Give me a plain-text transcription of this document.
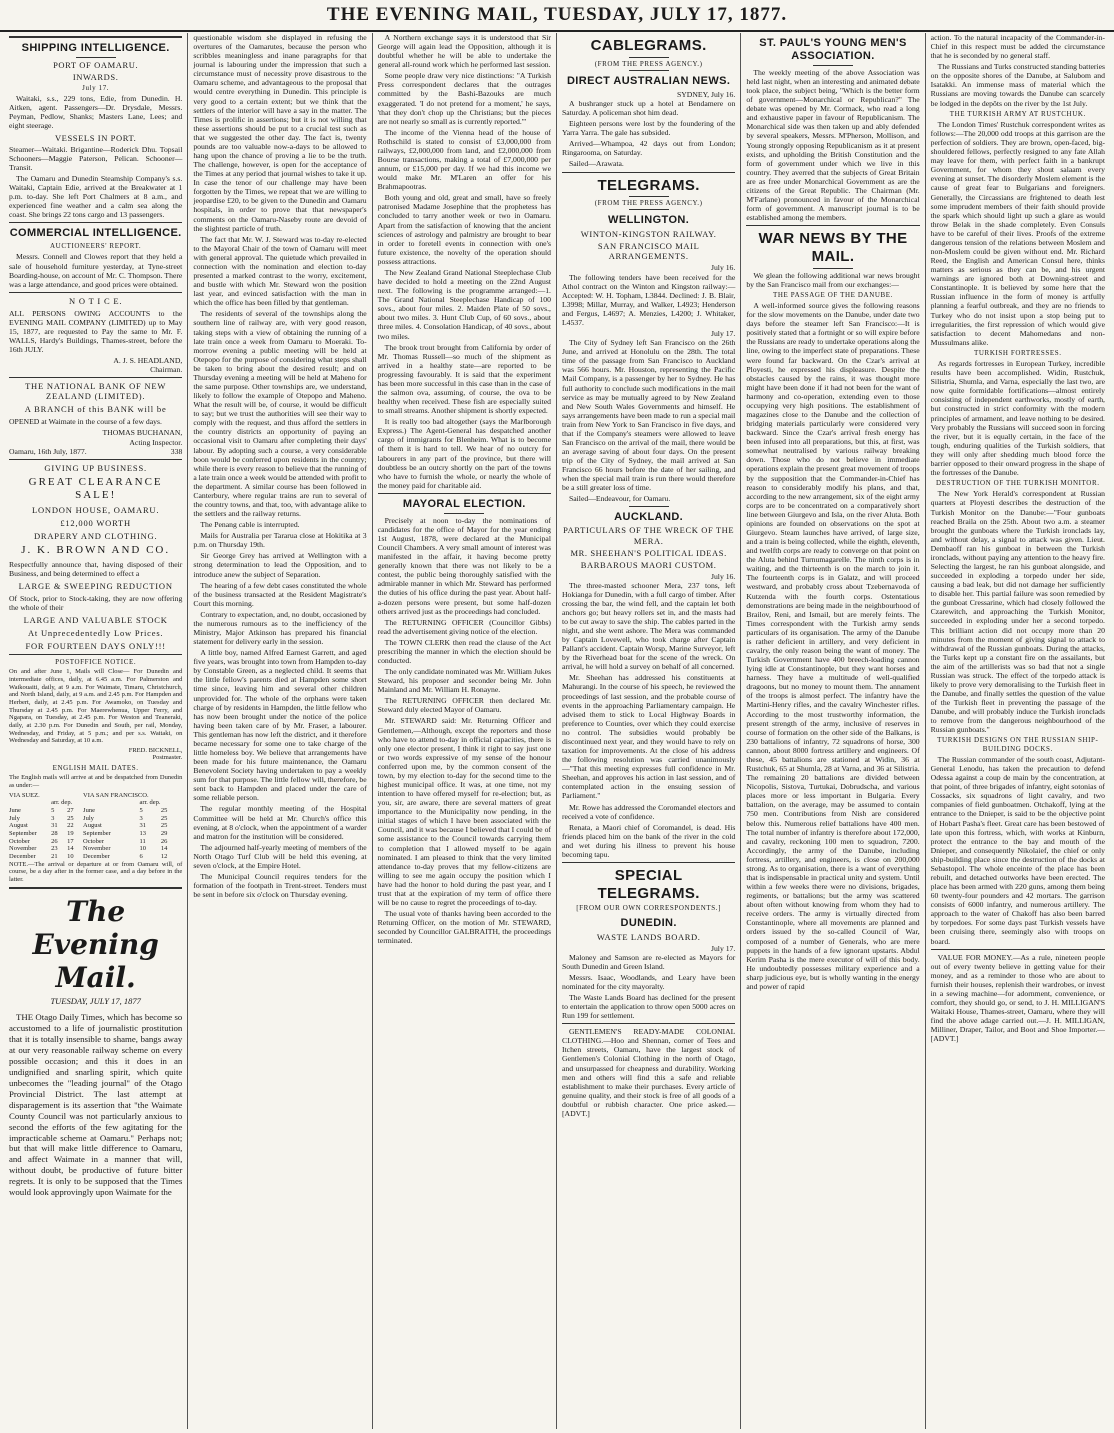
THE EVENING MAIL, TUESDAY, JULY 17, 1877.
SHIPPING INTELLIGENCE.
PORT OF OAMARU.
INWARDS.
July 17.

Waitaki, s.s., 229 tons, Edie, from Dunedin. H. Aitken, agent. Passengers—Dr. Drysdale, Messrs. Peyman, Pedlow, Shanks; Masters Lane, Lees; and eight steerage.

VESSELS IN PORT.

Steamer—Waitaki. Brigantine—Roderick Dhu. Topsail Schooners—Maggie Paterson, Pelican. Schooner—Transit.

The Oamaru and Dunedin Steamship Company's s.s. Waitaki, Captain Edie, arrived at the Breakwater at 1 p.m. to-day. She left Port Chalmers at 8 a.m., and experienced fine weather and a calm sea along the coast. She brings 22 tons cargo and 13 passengers.

COMMERCIAL INTELLIGENCE.
AUCTIONEERS' REPORT.

Messrs. Connell and Clowes report that they held a sale of household furniture yesterday, at Tyne-street Boarding-house, on account of Mr. C. Thompson. There was a large attendance, and good prices were obtained.

N O T I C E.

ALL PERSONS OWING ACCOUNTS to the EVENING MAIL COMPANY (LIMITED) up to May 15, 1877, are requested to Pay the same to Mr. F. WALLS, Hardy's Buildings, Thames-street, before the 16th JULY.

A. J. S. HEADLAND,
Chairman.
THE NATIONAL BANK OF NEW ZEALAND (LIMITED).
A BRANCH of this BANK will be

OPENED at Waimate in the course of a few days.

THOMAS BUCHANAN,
Acting Inspector.
Oamaru, 16th July, 1877.	338
GIVING UP BUSINESS.
GREAT CLEARANCE SALE!
LONDON HOUSE, OAMARU.
£12,000 WORTH
DRAPERY AND CLOTHING.
J. K. BROWN AND CO.

Respectfully announce that, having disposed of their Business, and being determined to effect a

LARGE & SWEEPING REDUCTION

Of Stock, prior to Stock-taking, they are now offering the whole of their

LARGE AND VALUABLE STOCK
At Unprecedentedly Low Prices.
FOR FOURTEEN DAYS ONLY!!!
POSTOFFICE NOTICE.

On and after June 1, Mails will Close— For Dunedin and intermediate offices, daily, at 6.45 a.m. For Palmerston and Waikouaiti, daily, at 9 a.m. For Waimate, Timaru, Christchurch, and North Island, daily, at 9 a.m. and 2.45 p.m. For Hampden and Herbert, daily, at 2.45 p.m. For Awamoko, on Tuesday and Thursday at 2.45 p.m. For Maerewhenua, Upper Ferry, and Ngapara, on Tuesday, at 2.45 p.m. For Weston and Teaneraki, daily, at 2.30 p.m. For Dunedin and South, per rail, Monday, Wednesday, and Friday, at 5 p.m.; and per s.s. Waitaki, on Wednesday and Saturday, at 10 a.m.

FRED. BICKNELL,
Postmaster.
ENGLISH MAIL DATES.

The English mails will arrive at and be despatched from Dunedin as under:—

VIA SUEZ.			VIA SAN FRANCISCO.		
	arr. dep.			arr. dep.	
June	5	27	June	5	25
July	3	25	July	3	25
August	31	22	August	31	25
September	28	19	September	13	29
October	26	17	October	11	26
November	23	14	November	10	14
December	21	10	December	6	12

NOTE.—The arrival or departure at or from Oamaru will, of course, be a day after in the former case, and a day before in the latter.

The Evening Mail.
TUESDAY, JULY 17, 1877

THE Otago Daily Times, which has become so accustomed to a life of journalistic prostitution that it is totally insensible to shame, bangs away at our very reasonable railway scheme on every possible occasion; and this it does in an undignified and snarling spirit, which quite unbecomes the "leading journal" of the Otago Provincial District. The last attempt at disparagement is its assertion that "the Waimate County Council was not particularly anxious to second the efforts of the few agitating for the impracticable scheme at Oamaru." Perhaps not; but that will make little difference to Oamaru, and affect Waimate in a manner that will, without doubt, be productive of future bitter regrets. It is only to be supposed that the Times would look approvingly upon Waimate for the

questionable wisdom she displayed in refusing the overtures of the Oamarutes, because the person who scribbles meaningless and inane paragraphs for that journal is labouring under the impression that such a circumstance must of necessity prove disastrous to the Oamaru scheme, and advantageous to the proposal that would centre everything in Dunedin. This principle is very good to a certain extent; but we think that the settlers of the interior will have a say in the matter. The Times is prolific in assertions; but it is not willing that these assertions should be put to a crucial test such as that we suggested the other day. The fact is, twenty pounds are too valuable now-a-days to be allowed to hang upon the chance of proving a lie to be the truth. The challenge, however, is open for the acceptance of the Times at any period that journal wishes to take it up. In case the tenor of our challenge may have been forgotten by the Times, we repeat that we are willing to jeopardise £20, to be given to the Dunedin and Oamaru hospitals, in order to prove that that newspaper's comments on the Oamaru-Naseby route are devoid of the slightest particle of truth.

The fact that Mr. W. J. Steward was to-day re-elected to the Mayoral Chair of the town of Oamaru will meet with general approval. The quietude which prevailed in connection with the nomination and election to-day presented a marked contrast to the worry, excitement, and bustle with which Mr. Steward won the position last year, and evinced satisfaction with the man in which the office has been filled by that gentleman.

The residents of several of the townships along the southern line of railway are, with very good reason, taking steps with a view of obtaining the running of a late train once a week from Oamaru to Moeraki. To-morrow evening a public meeting will be held at Otepopo for the purpose of considering what steps shall be taken to bring about the desired result; and on Thursday evening a meeting will be held at Maheno for the same purpose. Other townships are, we understand, likely to follow the example of Otepopo and Maheno. What the result will be, of course, it would be difficult to say; but we trust the authorities will see their way to comply with the request, and thus afford the settlers in the country districts an opportunity of paying an occasional visit to Oamaru after completing their days' labour. By adopting such a course, a very considerable boon would be conferred upon residents in the country; while there is every reason to believe that the running of a late train once a week would be attended with profit to the department. A similar course has been followed in Canterbury, where regular trains are run to several of the country towns, and that, too, with advantage alike to the settlers and the railway returns.

The Penang cable is interrupted.

Mails for Australia per Tararua close at Hokitika at 3 p.m. on Thursday 19th.

Sir George Grey has arrived at Wellington with a strong determination to lead the Opposition, and to introduce anew the subject of Separation.

The hearing of a few debt cases constituted the whole of the business transacted at the Resident Magistrate's Court this morning.

Contrary to expectation, and, no doubt, occasioned by the numerous rumours as to the inefficiency of the Ministry, Major Atkinson has prepared his financial statement for delivery early in the session.

A little boy, named Alfred Earnest Garrett, and aged five years, was brought into town from Hampden to-day by Constable Green, as a neglected child. It seems that the little fellow's parents died at Hampden some short time since, leaving him and several other children unprovided for. The whole of the orphans were taken charge of by residents in Hampden, the little fellow who has now been brought under the notice of the police having been taken care of by Mr. Fraser, a labourer. This gentleman has now left the district, and it therefore became necessary for some one to take charge of the little homeless boy. We believe that arrangements have been made for his future maintenance, the Oamaru Benevolent Society having undertaken to pay a weekly sum for that purpose. The little fellow will, therefore, be sent back to Hampden and placed under the care of some reliable person.

The regular monthly meeting of the Hospital Committee will be held at Mr. Church's office this evening, at 8 o'clock, when the appointment of a warder and matron for the institution will be considered.

The adjourned half-yearly meeting of members of the North Otago Turf Club will be held this evening, at seven o'clock, at the Empire Hotel.

The Municipal Council requires tenders for the formation of the footpath in Trent-street. Tenders must be sent in before six o'clock on Thursday evening.

A Northern exchange says it is understood that Sir George will again lead the Opposition, although it is doubtful whether he will be able to undertake the general all-round work which he performed last session.

Some people draw very nice distinctions: "A Turkish Press correspondent declares that the outrages committed by the Bashi-Bazouks are much exaggerated. 'I do not pretend for a moment,' he says, 'that they don't chop up the Christians; but the pieces are not nearly so small as is currently reported.'"

The income of the Vienna head of the house of Rothschild is stated to consist of £3,000,000 from railways, £2,000,000 from land, and £2,000,000 from Bourse transactions, making a total of £7,000,000 per annum, or £15,000 per day. If we had this income we would make Mr. M'Laren an offer for his Brahmapootras.

Both young and old, great and small, have so freely patronised Madame Josephine that the prophetess has concluded to tarry another week or two in Oamaru. Apart from the satisfaction of knowing that the ancient sciences of astrology and palmistry are brought to bear in order to foretell events in connection with one's future existence, the novelty of the operation should possess attractions.

The New Zealand Grand National Steeplechase Club have decided to hold a meeting on the 22nd August next. The following is the programme arranged:—1. The Grand National Steeplechase Handicap of 100 sovs., about four miles. 2. Maiden Plate of 50 sovs., about two miles. 3. Hunt Club Cup, of 60 sovs., about three miles. 4. Consolation Handicap, of 40 sovs., about two miles.

The brook trout brought from California by order of Mr. Thomas Russell—so much of the shipment as arrived in a healthy state—are reported to be progressing favourably. It is said that the experiment has been more successful in this case than in the case of the salmon ova, assuming, of course, the ova to be healthy when received. These fish are especially suited to small streams. Another shipment is shortly expected.

It is really too bad altogether (says the Marlborough Express.) The Agent-General has despatched another cargo of immigrants for Blenheim. What is to become of them it is hard to tell. We hear of no outcry for labourers in any part of the province, but there will doubtless be an outcry shortly on the part of the towns who have to furnish the whole, or nearly the whole of the money paid for charitable aid.

MAYORAL ELECTION.

Precisely at noon to-day the nominations of candidates for the office of Mayor for the year ending 1st August, 1878, were declared at the Municipal Council Chambers. A very small amount of interest was manifested in the affair, it having become pretty generally known that there was not likely to be a contest, the public being thoroughly satisfied with the admirable manner in which Mr. Steward has performed the duties of his office during the past year. About half-a-dozen persons were present, but some half-dozen others arrived just as the proceedings had concluded.

The RETURNING OFFICER (Councillor Gibbs) read the advertisement giving notice of the election.

The TOWN CLERK then read the clause of the Act prescribing the manner in which the election should be conducted.

The only candidate nominated was Mr. William Jukes Steward, his proposer and seconder being Mr. John Mainland and Mr. William H. Ronayne.

The RETURNING OFFICER then declared Mr. Steward duly elected Mayor of Oamaru.

Mr. STEWARD said: Mr. Returning Officer and Gentlemen,—Although, except the reporters and those who have to attend to-day in official capacities, there is only one elector present, I think it right to say just one or two words expressive of my sense of the honour conferred upon me, by the common consent of the town, by my election to-day for the second time to the highest municipal office. It was, at one time, not my intention to have offered myself for re-election; but, as you, sir, are aware, there are several matters of great importance to the Municipality now pending, in the initial stages of which I have been associated with the Council, and it was because I believed that I could be of some assistance to the Council towards carrying them to completion that I allowed myself to be again nominated. I am pleased to think that the very limited attendance to-day proves that my fellow-citizens are willing to see me again occupy the position which I have had the honor to hold during the past year, and I trust that at the expiration of my term of office there will be no cause to regret the proceedings of to-day.

The usual vote of thanks having been accorded to the Returning Officer, on the motion of Mr. STEWARD, seconded by Councillor GALBRAITH, the proceedings terminated.

CABLEGRAMS.
(FROM THE PRESS AGENCY.)
DIRECT AUSTRALIAN NEWS.
SYDNEY, July 16.

A bushranger stuck up a hotel at Bendamere on Saturday. A policeman shot him dead.

Eighteen persons were lost by the foundering of the Yarra Yarra. The gale has subsided.

Arrived—Whampoa, 42 days out from London; Ringarooma, on Saturday.

Sailed—Arawata.

TELEGRAMS.
(FROM THE PRESS AGENCY.)
WELLINGTON.
WINTON-KINGSTON RAILWAY.
SAN FRANCISCO MAIL ARRANGEMENTS.
July 16.

The following tenders have been received for the Athol contract on the Winton and Kingston railway:—Accepted: W. H. Topham, L3844. Declined: J. B. Blair, L3998; Millar, Murray, and Walker, L4923; Henderson and Fergus, L4697; A. Menzies, L4200; J. Whitaker, L4537.

July 17.

The City of Sydney left San Francisco on the 26th June, and arrived at Honolulu on the 28th. The total time of the passage from San Francisco to Auckland was 566 hours. Mr. Houston, representing the Pacific Mail Company, is a passenger by her to Sydney. He has full authority to conclude such modifications in the mail service as may be mutually agreed to by New Zealand and New South Wales Governments and himself. He says arrangements have been made to run a special mail train from New York to San Francisco in five days, and that if the Company's steamers were allowed to leave San Francisco on the arrival of the mail, there would be an average saving of about four days. On the present trip of the City of Sydney, the mail arrived at San Francisco 66 hours before the date of her sailing, and when the special mail train is run there would therefore be a still greater loss of time.

Sailed—Endeavour, for Oamaru.

AUCKLAND.
PARTICULARS OF THE WRECK OF THE MERA.
MR. SHEEHAN'S POLITICAL IDEAS.
BARBAROUS MAORI CUSTOM.
July 16.

The three-masted schooner Mera, 237 tons, left Hokianga for Dunedin, with a full cargo of timber. After crossing the bar, the wind fell, and the captain let both anchors go; but heavy rollers set in, and the masts had to be cut away to save the ship. The cables parted in the night, and she went ashore. The Mera was commanded by Captain Lovewell, who took charge after Captain Pallant's accident. Captain Worsp, Marine Surveyor, left by the Riverhead boat for the scene of the wreck. On arrival, he will hold a survey on behalf of all concerned.

Mr. Sheehan has addressed his constituents at Mahurangi. In the course of his speech, he reviewed the proceedings of last session, and the probable course of events in the approaching Parliamentary campaign. He advised them to stick to Local Highway Boards in preference to Counties, over which they could exercise no control. The subsidies would probably be discontinued next year, and they would have to rely on taxation for improvements. At the close of his address the following resolution was carried unanimously—"That this meeting expresses full confidence in Mr. Sheehan, and approves his action in last session, and of contemplated action in the ensuing session of Parliament."

Mr. Rowe has addressed the Coromandel electors and received a vote of confidence.

Renata, a Maori chief of Coromandel, is dead. His friends placed him on the bank of the river in the cold and wet during his illness to prevent his house becoming tapu.

SPECIAL TELEGRAMS.
[FROM OUR OWN CORRESPONDENTS.]
DUNEDIN.
WASTE LANDS BOARD.
July 17.

Maloney and Samson are re-elected as Mayors for South Dunedin and Green Island.

Messrs. Isaac, Woodlands, and Leary have been nominated for the city mayoralty.

The Waste Lands Board has declined for the present to entertain the application to throw open 5000 acres on Run 199 for settlement.

GENTLEMEN'S READY-MADE COLONIAL CLOTHING.—Hoo and Shennan, corner of Tees and Itchen streets, Oamaru, have the largest stock of Gentlemen's Colonial Clothing in the north of Otago, and unsurpassed for cheapness and durability. Working men and others will find this a safe and reliable establishment to make their purchases. Every article of genuine quality, and their stock is free of all goods of a doubtful or rubbish character. One price asked.—[ADVT.]

ST. PAUL'S YOUNG MEN'S ASSOCIATION.

The weekly meeting of the above Association was held last night, when an interesting and animated debate took place, the subject being, "Which is the better form of government—Monarchical or Republican?" The debate was opened by Mr. Cormack, who read a long and exhaustive paper in favour of Republicanism. The Monarchical side was then taken up and ably defended by several speakers, Messrs. M'Pherson, Mollison, and Young strongly opposing Republicanism as it at present exists, and upholding the British Constitution and the form of government under which we live in this country. They averred that the subjects of Great Britain are as free under Monarchical Government as are the citizens of the Great Republic. The Chairman (Mr. M'Farlane) pronounced in favour of the Monarchical form of government. A manuscript journal is to be established among the members.

WAR NEWS BY THE MAIL.

We glean the following additional war news brought by the San Francisco mail from our exchanges:—

THE PASSAGE OF THE DANUBE.

A well-informed source gives the following reasons for the slow movements on the Danube, under date two days before the steamer left San Francisco:—It is positively stated that a fortnight or so will expire before the Russians are ready to undertake operations along the line, owing to the imperfect state of preparations. These were found far backward. On the Czar's arrival at Ployesti, he expressed his displeasure. Despite the obstacles caused by the rains, it was thought more might have been done if it had not been for the want of harmony and co-operation, extending even to those occupying very high positions. The establishment of magazines close to the Danube and the collection of bridging materials particularly were considered very backward. Since the Czar's arrival fresh energy has been infused into all preparations, but this, at first, was somewhat neutralised by various railway breaking down. Those who do not believe in immediate operations explain the present great movement of troops by the supposition that the Commander-in-Chief has reason to considerably modify his plans, and that, according to the new arrangement, six of the eight army corps are to be concentrated on a comparatively short line between Giurgevo and Isla, on the river Aluta. Both opinions are founded on observations on the spot at Giurgevo. Steam launches have arrived, of large size, and a train is being collected, while the eighth, eleventh, and twelfth corps are ready to converge on that point on the Aluta behind Turnumagarelle. The ninth corps is in waiting, and the thirteenth is on the march to join it. The fourteenth corps is in Galatz, and will proceed westward, and probably cross about Tzebernavoda of Kutzenda with the fourth corps. Ostentatious demonstrations are being made in the neighbourhood of Brailov, Reni, and Ismail, but are merely feints. The Times correspondent with the Turkish army sends particulars of its organisation. The army of the Danube is rather deficient in artillery, and very deficient in cavalry, the only reason being the want of money. The Turkish Government have 400 breech-loading cannon lying idle at Constantinople, but they want horses and harness. They have a multitude of well-qualified dragoons, but no money to mount them. The annament of the troops is almost perfect. The infantry have the Martini-Henry rifles, and the cavalry Winchester rifles. According to the most trustworthy information, the present strength of the army, inclusive of reserves in course of formation on the other side of the Balkans, is 230 battalions of infantry, 72 squadrons of horse, 300 cannon, about 8000 fortress artillery and engineers. Of these, 45 battalions are stationed at Widin, 36 at Rustchuk, 65 at Shumla, 28 at Varna, and 36 at Silistria. The remaining 20 battalions are divided between Nicopolis, Sistova, Turtukai, Dobrudscha, and various places more or less important in Bulgaria. Every battalion, on the average, may be assumed to contain 750 men. Contributions from Nish are considered below this. Numerous relief battalions have 400 men. The total number of infantry is therefore about 172,000, and cavalry, reckoning 100 men to squadron, 7200. Accordingly, the army of the Danube, including fortress, artillery, and engineers, is close on 200,000 strong. As to organisation, there is a want of everything that is indispensable in practical unity and system. Until within a few weeks there were no divisions, brigades, regiments, or battalions; but the army was scattered about often without knowing from whom they had to receive orders. The army is virtually directed from Constantinople, where all movements are planned and orders issued by the so-called Council of War, composed of a number of Generals, who are mere puppets in the hands of a few ignorant upstarts. Abdul Kerim Pasha is the mere executor of will of this body. He undoubtedly possesses military experience and a sharp judicious eye, but is wholly wanting in the energy and power of rapid

action. To the natural incapacity of the Commander-in-Chief in this respect must be added the circumstance that he is seconded by no general staff.

The Russians and Turks constructed standing batteries on the opposite shores of the Danube, at Salubom and Isatakki. An immense mass of material which the Russians are moving towards the Danube can scarcely be lodged in the depôts on the river by the 1st July.

THE TURKISH ARMY AT RUSTCHUK.

The London Times' Rustchuk correspondent writes as follows:—The 20,000 odd troops at this garrison are the perfection of soldiers. They are brown, open-faced, big-shouldered fellows, perfectly resigned to any fate Allah may leave for them, with perfect faith in a bankrupt Government, for whom they shout salaam every evening at sunset. The disorderly Moslem element is the cause of great fear to Bulgarians and foreigners. Generally, the Circassians are frightened to death lest some imprudent members of their faith should provide the spark which should light up such a glare as would throw Belak in the shade completely. Even Consuls have to be careful of their lives. Proofs of the extreme dangerous tension of the relations between Moslem and non-Moslem could be given without end. Mr. Richard Reed, the English and American Consul here, thinks matters as serious as they can be, and his urgent warnings are ignored both at Downing-street and Constantinople. It is believed by some here that the Russian influence in the form of money is artfully planning a fearful outbreak, and they are no friends to Turkey who do not insist upon a stop being put to irregularities, the first repression of which would give satisfaction to decent Mahomedans and non-Mussulmans alike.

TURKISH FORTRESSES.

As regards fortresses in European Turkey, incredible results have been accomplished. Widin, Rustchuk, Silistria, Shumla, and Varna, especially the last two, are now quite formidable fortifications—almost entirely consisting of independent earthworks, mostly of earth, but constructed in strict conformity with the modern principles of armament, and leave nothing to be desired. Very probably the Russians will succeed soon in forcing the river, but it is equally certain, in the face of the tough, enduring qualities of the Turkish soldiers, that they will only after shedding much blood force the barrier opposed to their onward progress in the shape of the fortresses of the Danube.

DESTRUCTION OF THE TURKISH MONITOR.

The New York Herald's correspondent at Russian quarters at Ployesti describes the destruction of the Turkish Monitor on the Danube:—"Four gunboats reached Braila on the 25th. About two a.m. a steamer brought the gunboats where the Turkish ironclads lay, and without delay, a signal to attack was given. Lieut. Dembaoff ran his gunboat in between the Turkish ironclads, without paying any attention to the heavy fire. Selecting the largest, he ran his gunboat alongside, and succeeded in exploding a torpedo under her side, causing a bad leak, but did not damage her sufficiently to disable her. This partial failure was soon remedied by the gunboat Cressarine, which had closely followed the Czarewitch, and approaching the Turkish Monitor, succeeded in exploding under her a second torpedo. This brilliant action did not occupy more than 20 minutes from the moment of giving signal to attack to withdrawal of the Russian gunboats. During the attacks, the Turks kept up a constant fire on the assailants, but the aim of the artillerists was so bad that not a single Russian was struck. The effect of the torpedo attack is likely to prove very demoralising to the Turkish fleet in the Danube, and finally settles the question of the value of the Turkish fleet in preventing the passage of the Danube, and will probably induce the Turkish ironclads to remove from the dangerous neighbourhood of the Russian gunboats."

TURKISH DESIGNS ON THE RUSSIAN SHIP-BUILDING DOCKS.

The Russian commander of the south coast, Adjutant-General Lenodu, has taken the precaution to defend Odessa against a coup de main by the concentration, at that point, of three brigades of infantry, eight sotonias of Cossacks, six squadrons of light cavalry, and two companies of field gunboatmen. Otchakoff, lying at the entrance to the Dnieper, is said to be the objective point of Hobart Pasha's fleet. Great care has been bestowed of late upon this fortress, which, with works at Kinburn, protect the entrance to the bay and mouth of the Dnieper, and consequently Nikolaief, the chief or only ship-building place since the destruction of the docks at Sebastopol. The whole enceinte of the place has been rebuilt, and detached outworks have been erected. The place has been armed with 220 guns, among them being 60 twenty-four pounders and 42 mortars. The garrison consists of 6000 infantry, and numerous artillery. The approach to the water of Chakoff has also been barred by torpedoes. For some days past Turkish vessels have been cruising there, seemingly also with troops on board.

VALUE FOR MONEY.—As a rule, nineteen people out of every twenty believe in getting value for their money, and as a reminder to those who are about to furnish their houses, replenish their wardrobes, or invest in a sewing machine—for adornment, convenience, or comfort, they should go, or send, to J. H. MILLIGAN'S Waitaki House, Thames-street, Oamaru, where they will find the above adage carried out.—J. H. MILLIGAN, Milliner, Draper, Tailor, and Boot and Shoe Importer.—[ADVT.]
